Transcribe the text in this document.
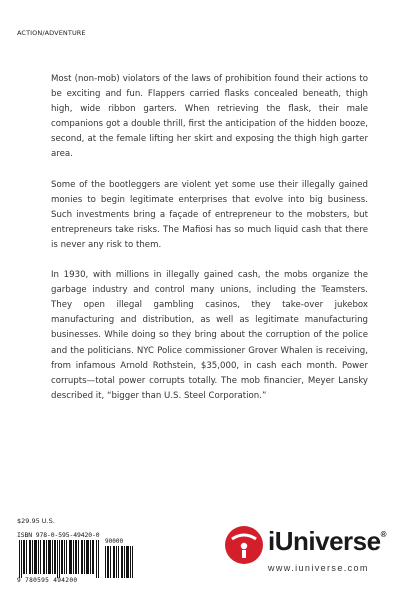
ACTION/ADVENTURE

Most (non-mob) violators of the laws of prohibition found their actions to be exciting and fun. Flappers carried flasks concealed beneath, thigh high, wide ribbon garters. When retrieving the flask, their male companions got a double thrill, first the anticipation of the hidden booze, second, at the female lifting her skirt and exposing the thigh high garter area.

Some of the bootleggers are violent yet some use their illegally gained monies to begin legitimate enterprises that evolve into big business. Such investments bring a façade of entrepreneur to the mobsters, but entrepreneurs take risks. The Mafiosi has so much liquid cash that there is never any risk to them.

In 1930, with millions in illegally gained cash, the mobs organize the garbage industry and control many unions, including the Teamsters. They open illegal gambling casinos, they take-over jukebox manufacturing and distribution, as well as legitimate manufacturing businesses. While doing so they bring about the corruption of the police and the politicians. NYC Police commissioner Grover Whalen is receiving, from infamous Arnold Rothstein, $35,000, in cash each month. Power corrupts—total power corrupts totally. The mob financier, Meyer Lansky described it, “bigger than U.S. Steel Corporation.”

$29.95 U.S.
ISBN 978-0-595-49420-0
90000
9 780595 494200
iUniverse®
www.iuniverse.com
